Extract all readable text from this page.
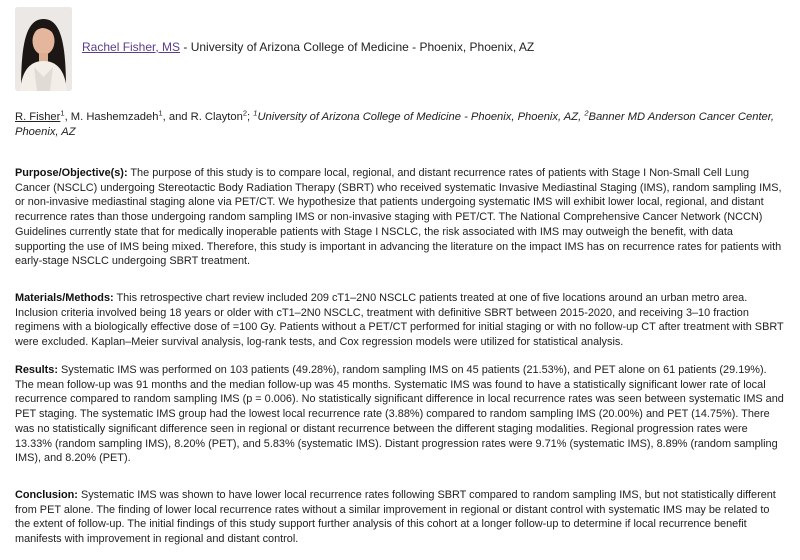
Rachel Fisher, MS - University of Arizona College of Medicine - Phoenix, Phoenix, AZ
R. Fisher$^1$, M. Hashemzadeh$^1$, and R. Clayton$^2$; $^1$University of Arizona College of Medicine - Phoenix, Phoenix, AZ, $^2$Banner MD Anderson Cancer Center, Phoenix, AZ

Purpose/Objective(s): The purpose of this study is to compare local, regional, and distant recurrence rates of patients with Stage I Non-Small Cell Lung Cancer (NSCLC) undergoing Stereotactic Body Radiation Therapy (SBRT) who received systematic Invasive Mediastinal Staging (IMS), random sampling IMS, or non-invasive mediastinal staging alone via PET/CT. We hypothesize that patients undergoing systematic IMS will exhibit lower local, regional, and distant recurrence rates than those undergoing random sampling IMS or non-invasive staging with PET/CT. The National Comprehensive Cancer Network (NCCN) Guidelines currently state that for medically inoperable patients with Stage I NSCLC, the risk associated with IMS may outweigh the benefit, with data supporting the use of IMS being mixed. Therefore, this study is important in advancing the literature on the impact IMS has on recurrence rates for patients with early-stage NSCLC undergoing SBRT treatment.

Materials/Methods: This retrospective chart review included 209 cT1–2N0 NSCLC patients treated at one of five locations around an urban metro area. Inclusion criteria involved being 18 years or older with cT1–2N0 NSCLC, treatment with definitive SBRT between 2015-2020, and receiving 3–10 fraction regimens with a biologically effective dose of =100 Gy. Patients without a PET/CT performed for initial staging or with no follow-up CT after treatment with SBRT were excluded. Kaplan–Meier survival analysis, log-rank tests, and Cox regression models were utilized for statistical analysis.

Results: Systematic IMS was performed on 103 patients (49.28%), random sampling IMS on 45 patients (21.53%), and PET alone on 61 patients (29.19%). The mean follow-up was 91 months and the median follow-up was 45 months. Systematic IMS was found to have a statistically significant lower rate of local recurrence compared to random sampling IMS (p = 0.006). No statistically significant difference in local recurrence rates was seen between systematic IMS and PET staging. The systematic IMS group had the lowest local recurrence rate (3.88%) compared to random sampling IMS (20.00%) and PET (14.75%). There was no statistically significant difference seen in regional or distant recurrence between the different staging modalities. Regional progression rates were 13.33% (random sampling IMS), 8.20% (PET), and 5.83% (systematic IMS). Distant progression rates were 9.71% (systematic IMS), 8.89% (random sampling IMS), and 8.20% (PET).

Conclusion: Systematic IMS was shown to have lower local recurrence rates following SBRT compared to random sampling IMS, but not statistically different from PET alone. The finding of lower local recurrence rates without a similar improvement in regional or distant control with systematic IMS may be related to the extent of follow-up. The initial findings of this study support further analysis of this cohort at a longer follow-up to determine if local recurrence benefit manifests with improvement in regional and distant control.
